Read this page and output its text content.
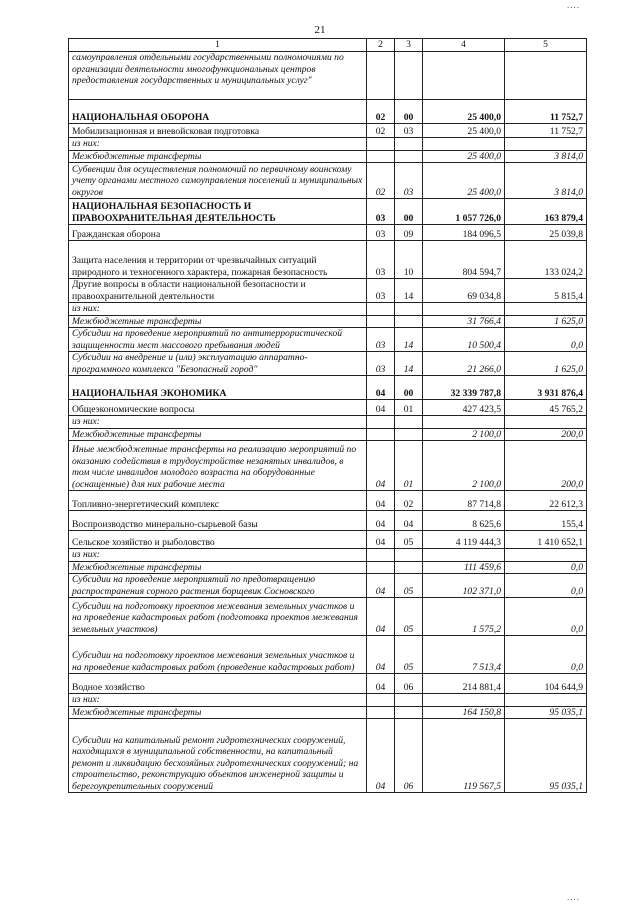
21
....
....
1	2	3	4	5
самоуправления отдельными государственными полномочиями по организации деятельности многофункциональных центров предоставления государственных и муниципальных услуг"				
НАЦИОНАЛЬНАЯ ОБОРОНА	02	00	25 400,0	11 752,7
Мобилизационная и вневойсковая подготовка	02	03	25 400,0	11 752,7
из них:				
Межбюджетные трансферты			25 400,0	3 814,0
Субвенции для осуществления полномочий по первичному воинскому учету органами местного самоуправления поселений и муниципальных округов	02	03	25 400,0	3 814,0
НАЦИОНАЛЬНАЯ БЕЗОПАСНОСТЬ И ПРАВООХРАНИТЕЛЬНАЯ ДЕЯТЕЛЬНОСТЬ	03	00	1 057 726,0	163 879,4
Гражданская оборона	03	09	184 096,5	25 039,8
Защита населения и территории от чрезвычайных ситуаций природного и техногенного характера, пожарная безопасность	03	10	804 594,7	133 024,2
Другие вопросы в области национальной безопасности и правоохранительной деятельности	03	14	69 034,8	5 815,4
из них:				
Межбюджетные трансферты			31 766,4	1 625,0
Субсидии на проведение мероприятий по антитеррористической защищенности мест массового пребывания людей	03	14	10 500,4	0,0
Субсидии на внедрение и (или) эксплуатацию аппаратно-программного комплекса "Безопасный город"	03	14	21 266,0	1 625,0
НАЦИОНАЛЬНАЯ ЭКОНОМИКА	04	00	32 339 787,8	3 931 876,4
Общеэкономические вопросы	04	01	427 423,5	45 765,2
из них:				
Межбюджетные трансферты			2 100,0	200,0
Иные межбюджетные трансферты на реализацию мероприятий по оказанию содействия в трудоустройстве незанятых инвалидов, в том числе инвалидов молодого возраста на оборудованные (оснащенные) для них рабочие места	04	01	2 100,0	200,0
Топливно-энергетический комплекс	04	02	87 714,8	22 612,3
Воспроизводство минерально-сырьевой базы	04	04	8 625,6	155,4
Сельское хозяйство и рыболовство	04	05	4 119 444,3	1 410 652,1
из них:				
Межбюджетные трансферты			111 459,6	0,0
Субсидии на проведение мероприятий по предотвращению распространения сорного растения борщевик Сосновского	04	05	102 371,0	0,0
Субсидии на подготовку проектов межевания земельных участков и на проведение кадастровых работ (подготовка проектов межевания земельных участков)	04	05	1 575,2	0,0
Субсидии на подготовку проектов межевания земельных участков и на проведение кадастровых работ (проведение кадастровых работ)	04	05	7 513,4	0,0
Водное хозяйство	04	06	214 881,4	104 644,9
из них:				
Межбюджетные трансферты			164 150,8	95 035,1
Субсидии на капитальный ремонт гидротехнических сооружений, находящихся в муниципальной собственности, на капитальный ремонт и ликвидацию бесхозяйных гидротехнических сооружений; на строительство, реконструкцию объектов инженерной защиты и берегоукрепительных сооружений	04	06	119 567,5	95 035,1
